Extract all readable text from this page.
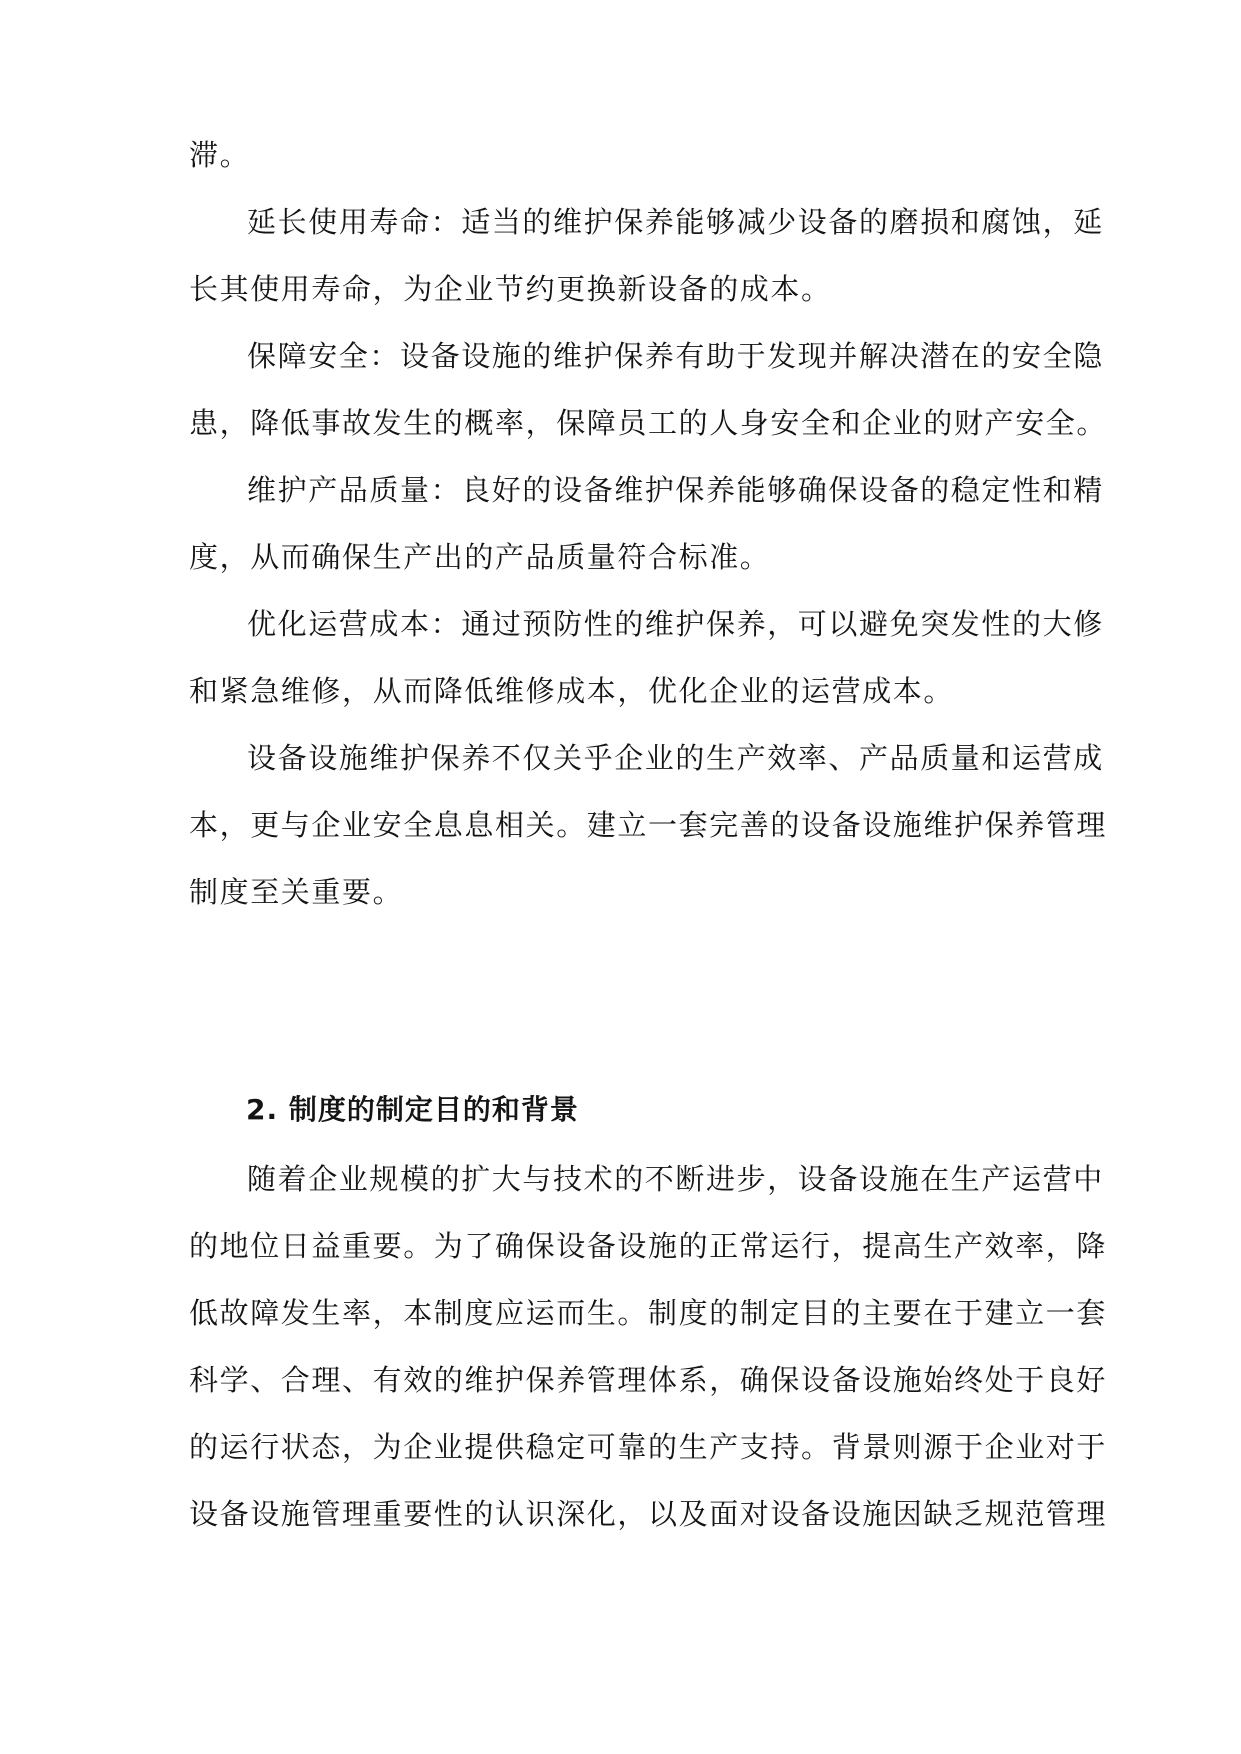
滞。

延长使用寿命：适当的维护保养能够减少设备的磨损和腐蚀，延

长其使用寿命，为企业节约更换新设备的成本。

保障安全：设备设施的维护保养有助于发现并解决潜在的安全隐

患，降低事故发生的概率，保障员工的人身安全和企业的财产安全。

维护产品质量：良好的设备维护保养能够确保设备的稳定性和精

度，从而确保生产出的产品质量符合标准。

优化运营成本：通过预防性的维护保养，可以避免突发性的大修

和紧急维修，从而降低维修成本，优化企业的运营成本。

设备设施维护保养不仅关乎企业的生产效率、产品质量和运营成

本，更与企业安全息息相关。建立一套完善的设备设施维护保养管理

制度至关重要。

2. 制度的制定目的和背景

随着企业规模的扩大与技术的不断进步，设备设施在生产运营中

的地位日益重要。为了确保设备设施的正常运行，提高生产效率，降

低故障发生率，本制度应运而生。制度的制定目的主要在于建立一套

科学、合理、有效的维护保养管理体系，确保设备设施始终处于良好

的运行状态，为企业提供稳定可靠的生产支持。背景则源于企业对于

设备设施管理重要性的认识深化，以及面对设备设施因缺乏规范管理
